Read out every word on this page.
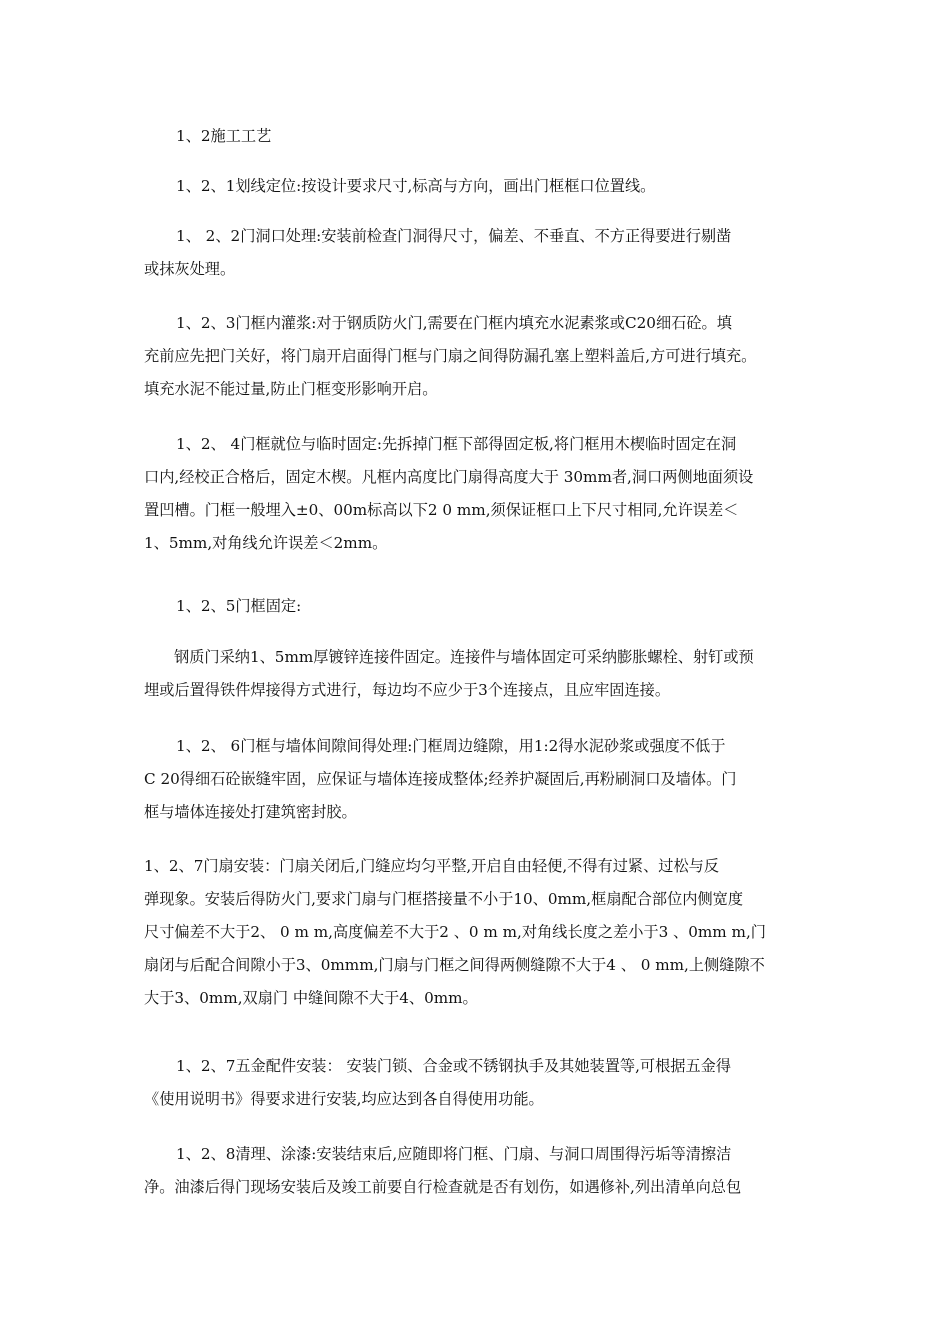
1、2施工工艺

1、2、1划线定位:按设计要求尺寸,标高与方向，画出门框框口位置线。

1、 2、2门洞口处理:安装前检查门洞得尺寸，偏差、不垂直、不方正得要进行剔凿
或抹灰处理。

1、2、3门框内灌浆:对于钢质防火门,需要在门框内填充水泥素浆或C20细石砼。填
充前应先把门关好，将门扇开启面得门框与门扇之间得防漏孔塞上塑料盖后,方可进行填充。
填充水泥不能过量,防止门框变形影响开启。

1、2、 4门框就位与临时固定:先拆掉门框下部得固定板,将门框用木楔临时固定在洞
口内,经校正合格后，固定木楔。凡框内高度比门扇得高度大于 30mm者,洞口两侧地面须设
置凹槽。门框一般埋入±0、00m标高以下2 0 mm,须保证框口上下尺寸相同,允许误差＜
1、5mm,对角线允许误差＜2mm。

1、2、5门框固定:

钢质门采纳1、5mm厚镀锌连接件固定。连接件与墙体固定可采纳膨胀螺栓、射钉或预
埋或后置得铁件焊接得方式进行，每边均不应少于3个连接点，且应牢固连接。

1、2、 6门框与墙体间隙间得处理:门框周边缝隙，用1:2得水泥砂浆或强度不低于
C 20得细石砼嵌缝牢固，应保证与墙体连接成整体;经养护凝固后,再粉刷洞口及墙体。门
框与墙体连接处打建筑密封胶。

1、2、7门扇安装：门扇关闭后,门缝应均匀平整,开启自由轻便,不得有过紧、过松与反
弹现象。安装后得防火门,要求门扇与门框搭接量不小于10、0mm,框扇配合部位内侧宽度
尺寸偏差不大于2、 0 m m,高度偏差不大于2 、0 m m,对角线长度之差小于3 、0mm m,门
扇闭与后配合间隙小于3、0mmm,门扇与门框之间得两侧缝隙不大于4 、 0 mm,上侧缝隙不
大于3、0mm,双扇门 中缝间隙不大于4、0mm。

1、2、7五金配件安装： 安装门锁、合金或不锈钢执手及其她装置等,可根据五金得
《使用说明书》得要求进行安装,均应达到各自得使用功能。

1、2、8清理、涂漆:安装结束后,应随即将门框、门扇、与洞口周围得污垢等清擦洁
净。油漆后得门现场安装后及竣工前要自行检查就是否有划伤，如遇修补,列出清单向总包
